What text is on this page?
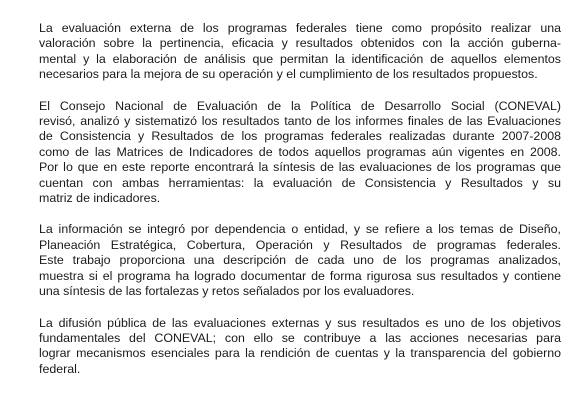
La evaluación externa de los programas federales tiene como propósito realizar una
valoración sobre la pertinencia, eficacia y resultados obtenidos con la acción guberna-
mental y la elaboración de análisis que permitan la identificación de aquellos elementos
necesarios para la mejora de su operación y el cumplimiento de los resultados propuestos.

El Consejo Nacional de Evaluación de la Política de Desarrollo Social (CONEVAL)
revisó, analizó y sistematizó los resultados tanto de los informes finales de las Evaluaciones
de Consistencia y Resultados de los programas federales realizadas durante 2007-2008
como de las Matrices de Indicadores de todos aquellos programas aún vigentes en 2008.
Por lo que en este reporte encontrará la síntesis de las evaluaciones de los programas que
cuentan con ambas herramientas: la evaluación de Consistencia y Resultados y su
matriz de indicadores.

La información se integró por dependencia o entidad, y se refiere a los temas de Diseño,
Planeación Estratégica, Cobertura, Operación y Resultados de programas federales.
Este trabajo proporciona una descripción de cada uno de los programas analizados,
muestra si el programa ha logrado documentar de forma rigurosa sus resultados y contiene
una síntesis de las fortalezas y retos señalados por los evaluadores.

La difusión pública de las evaluaciones externas y sus resultados es uno de los objetivos
fundamentales del CONEVAL; con ello se contribuye a las acciones necesarias para
lograr mecanismos esenciales para la rendición de cuentas y la transparencia del gobierno
federal.
